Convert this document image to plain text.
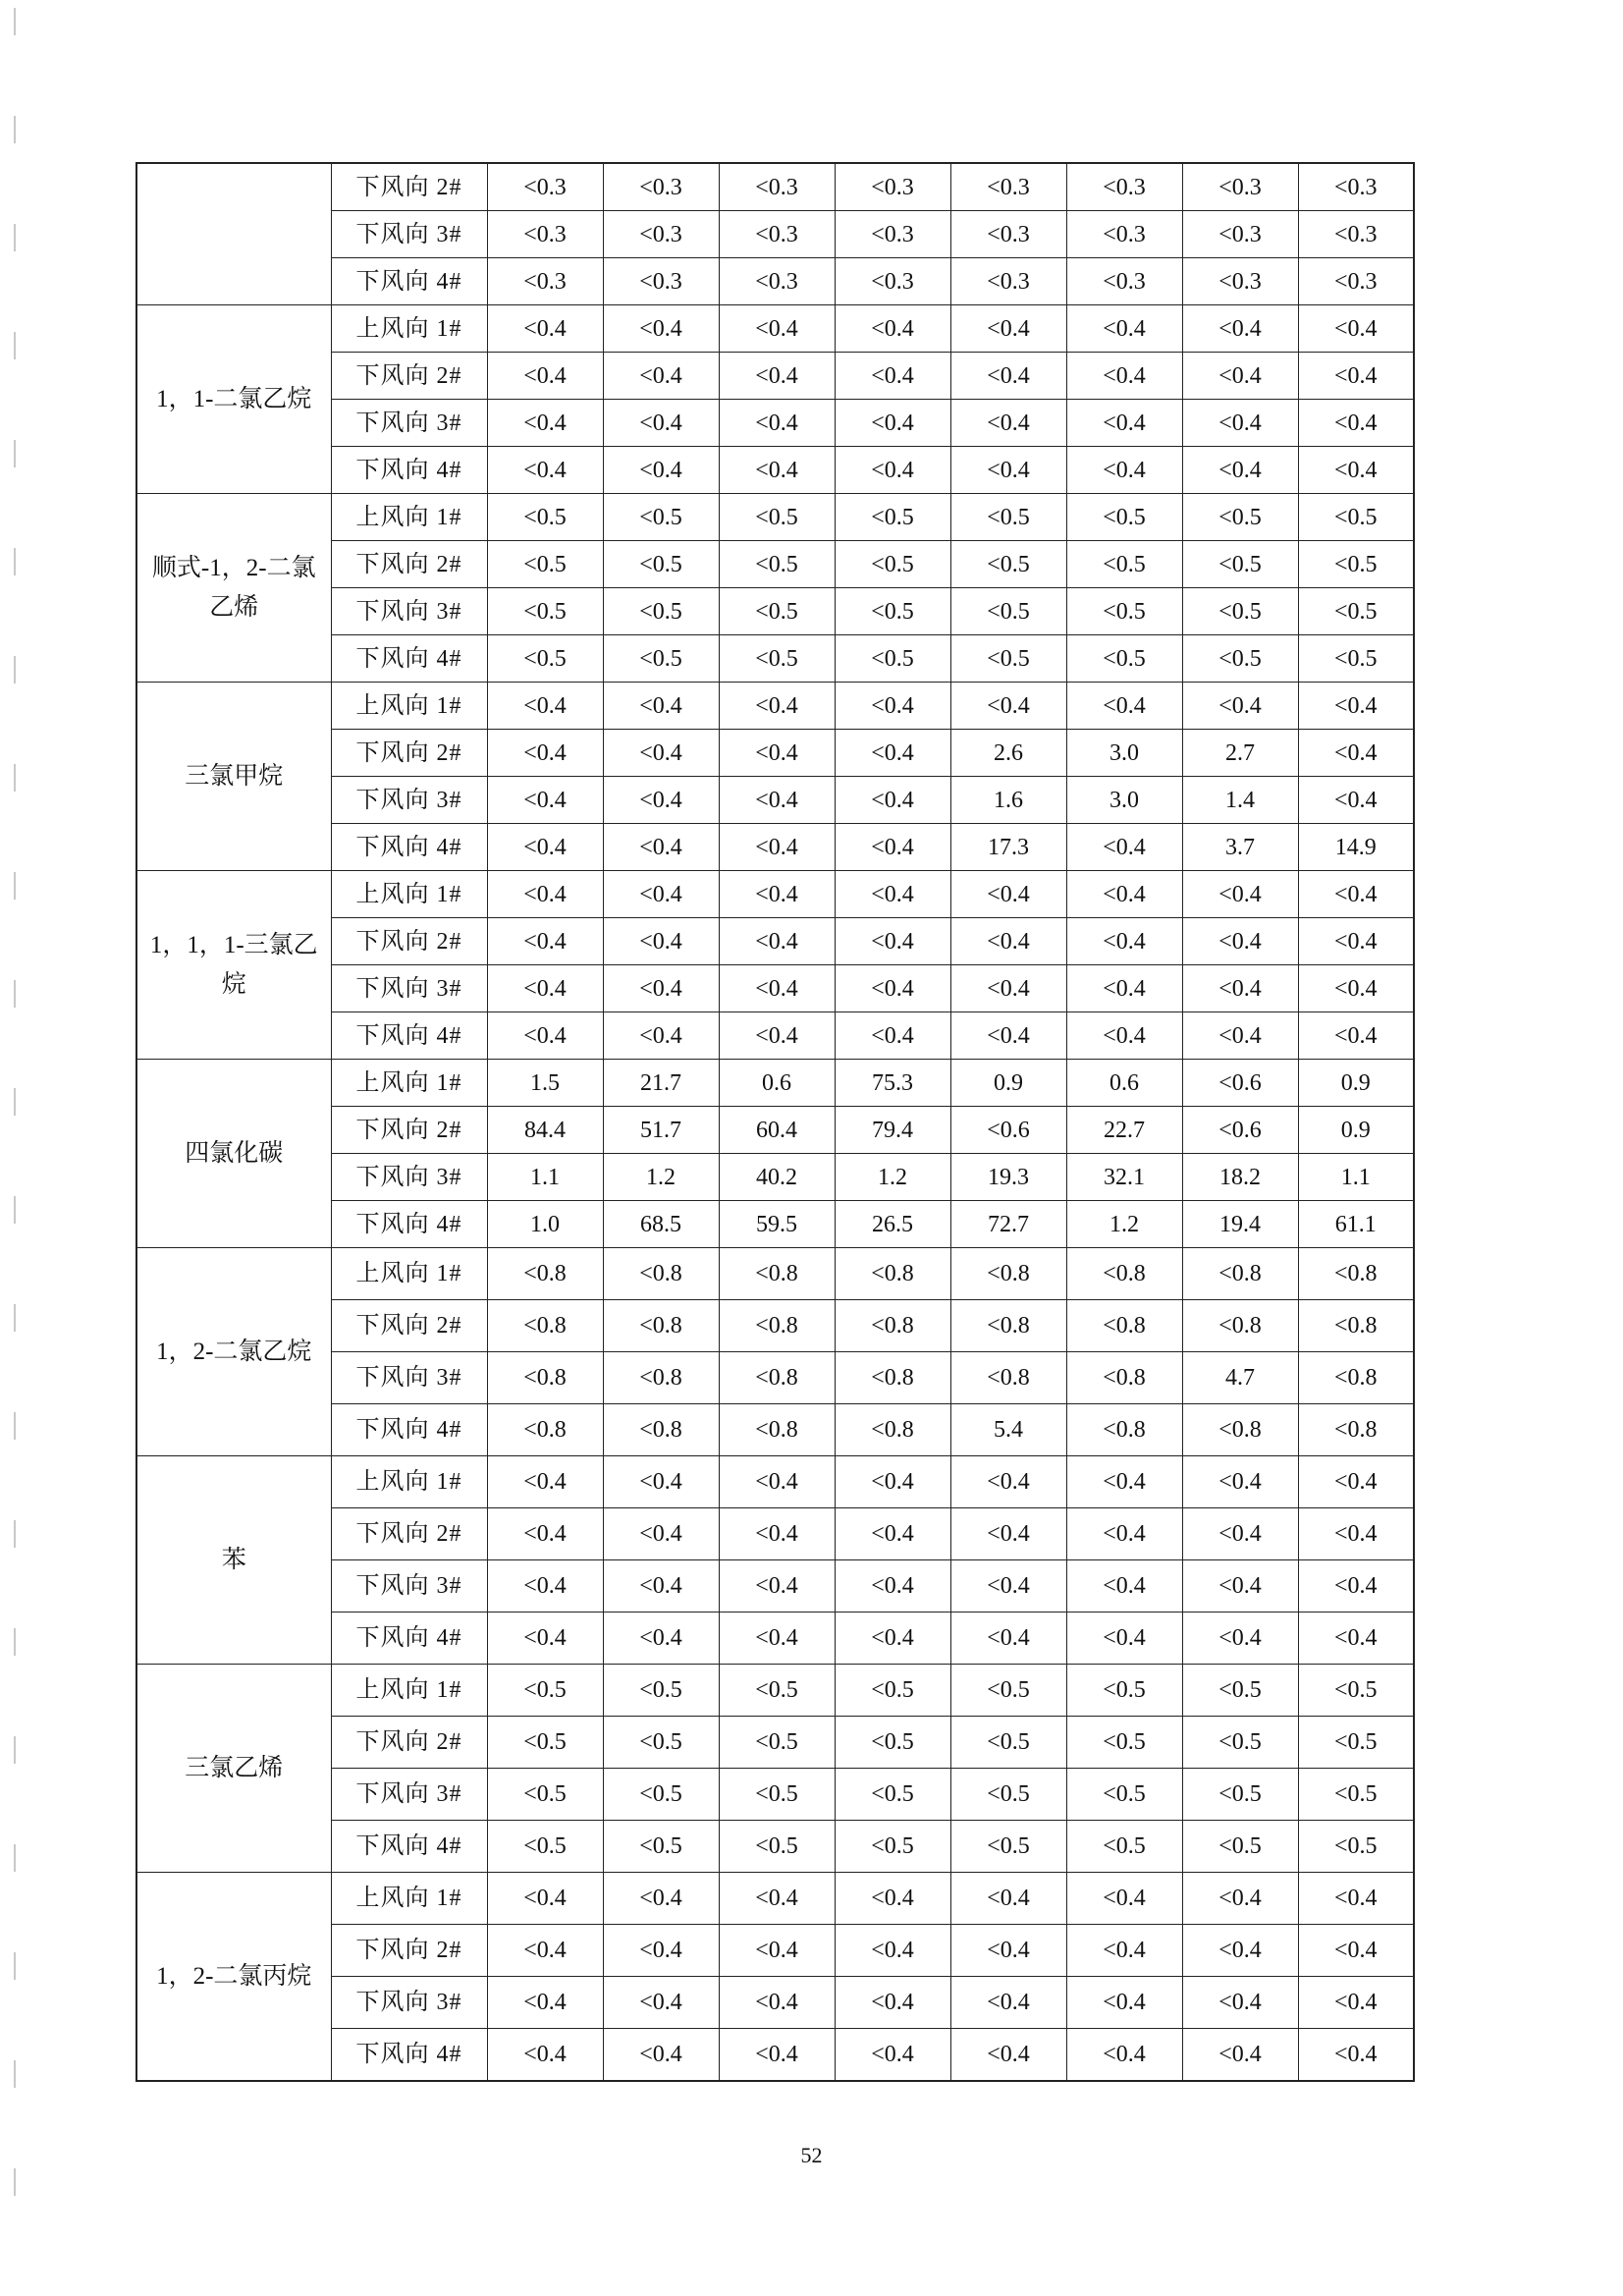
	下风向 2#	<0.3	<0.3	<0.3	<0.3	<0.3	<0.3	<0.3	<0.3
	下风向 3#	<0.3	<0.3	<0.3	<0.3	<0.3	<0.3	<0.3	<0.3
	下风向 4#	<0.3	<0.3	<0.3	<0.3	<0.3	<0.3	<0.3	<0.3
1，1-二氯乙烷	上风向 1#	<0.4	<0.4	<0.4	<0.4	<0.4	<0.4	<0.4	<0.4
	下风向 2#	<0.4	<0.4	<0.4	<0.4	<0.4	<0.4	<0.4	<0.4
	下风向 3#	<0.4	<0.4	<0.4	<0.4	<0.4	<0.4	<0.4	<0.4
	下风向 4#	<0.4	<0.4	<0.4	<0.4	<0.4	<0.4	<0.4	<0.4
顺式-1，2-二氯乙烯	上风向 1#	<0.5	<0.5	<0.5	<0.5	<0.5	<0.5	<0.5	<0.5
	下风向 2#	<0.5	<0.5	<0.5	<0.5	<0.5	<0.5	<0.5	<0.5
	下风向 3#	<0.5	<0.5	<0.5	<0.5	<0.5	<0.5	<0.5	<0.5
	下风向 4#	<0.5	<0.5	<0.5	<0.5	<0.5	<0.5	<0.5	<0.5
三氯甲烷	上风向 1#	<0.4	<0.4	<0.4	<0.4	<0.4	<0.4	<0.4	<0.4
	下风向 2#	<0.4	<0.4	<0.4	<0.4	2.6	3.0	2.7	<0.4
	下风向 3#	<0.4	<0.4	<0.4	<0.4	1.6	3.0	1.4	<0.4
	下风向 4#	<0.4	<0.4	<0.4	<0.4	17.3	<0.4	3.7	14.9
1，1，1-三氯乙烷	上风向 1#	<0.4	<0.4	<0.4	<0.4	<0.4	<0.4	<0.4	<0.4
	下风向 2#	<0.4	<0.4	<0.4	<0.4	<0.4	<0.4	<0.4	<0.4
	下风向 3#	<0.4	<0.4	<0.4	<0.4	<0.4	<0.4	<0.4	<0.4
	下风向 4#	<0.4	<0.4	<0.4	<0.4	<0.4	<0.4	<0.4	<0.4
四氯化碳	上风向 1#	1.5	21.7	0.6	75.3	0.9	0.6	<0.6	0.9
	下风向 2#	84.4	51.7	60.4	79.4	<0.6	22.7	<0.6	0.9
	下风向 3#	1.1	1.2	40.2	1.2	19.3	32.1	18.2	1.1
	下风向 4#	1.0	68.5	59.5	26.5	72.7	1.2	19.4	61.1
1，2-二氯乙烷	上风向 1#	<0.8	<0.8	<0.8	<0.8	<0.8	<0.8	<0.8	<0.8
	下风向 2#	<0.8	<0.8	<0.8	<0.8	<0.8	<0.8	<0.8	<0.8
	下风向 3#	<0.8	<0.8	<0.8	<0.8	<0.8	<0.8	4.7	<0.8
	下风向 4#	<0.8	<0.8	<0.8	<0.8	5.4	<0.8	<0.8	<0.8
苯	上风向 1#	<0.4	<0.4	<0.4	<0.4	<0.4	<0.4	<0.4	<0.4
	下风向 2#	<0.4	<0.4	<0.4	<0.4	<0.4	<0.4	<0.4	<0.4
	下风向 3#	<0.4	<0.4	<0.4	<0.4	<0.4	<0.4	<0.4	<0.4
	下风向 4#	<0.4	<0.4	<0.4	<0.4	<0.4	<0.4	<0.4	<0.4
三氯乙烯	上风向 1#	<0.5	<0.5	<0.5	<0.5	<0.5	<0.5	<0.5	<0.5
	下风向 2#	<0.5	<0.5	<0.5	<0.5	<0.5	<0.5	<0.5	<0.5
	下风向 3#	<0.5	<0.5	<0.5	<0.5	<0.5	<0.5	<0.5	<0.5
	下风向 4#	<0.5	<0.5	<0.5	<0.5	<0.5	<0.5	<0.5	<0.5
1，2-二氯丙烷	上风向 1#	<0.4	<0.4	<0.4	<0.4	<0.4	<0.4	<0.4	<0.4
	下风向 2#	<0.4	<0.4	<0.4	<0.4	<0.4	<0.4	<0.4	<0.4
	下风向 3#	<0.4	<0.4	<0.4	<0.4	<0.4	<0.4	<0.4	<0.4
	下风向 4#	<0.4	<0.4	<0.4	<0.4	<0.4	<0.4	<0.4	<0.4
52
